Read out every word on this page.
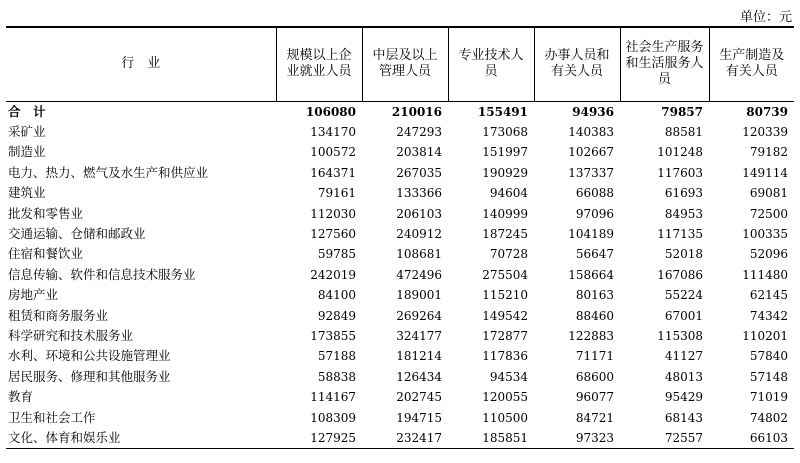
单位：元
行　业	规模以上企业就业人员	中层及以上管理人员	专业技术人员	办事人员和有关人员	社会生产服务和生活服务人员	生产制造及有关人员
合　计	106080	210016	155491	94936	79857	80739
采矿业	134170	247293	173068	140383	88581	120339
制造业	100572	203814	151997	102667	101248	79182
电力、热力、燃气及水生产和供应业	164371	267035	190929	137337	117603	149114
建筑业	79161	133366	94604	66088	61693	69081
批发和零售业	112030	206103	140999	97096	84953	72500
交通运输、仓储和邮政业	127560	240912	187245	104189	117135	100335
住宿和餐饮业	59785	108681	70728	56647	52018	52096
信息传输、软件和信息技术服务业	242019	472496	275504	158664	167086	111480
房地产业	84100	189001	115210	80163	55224	62145
租赁和商务服务业	92849	269264	149542	88460	67001	74342
科学研究和技术服务业	173855	324177	172877	122883	115308	110201
水利、环境和公共设施管理业	57188	181214	117836	71171	41127	57840
居民服务、修理和其他服务业	58838	126434	94534	68600	48013	57148
教育	114167	202745	120055	96077	95429	71019
卫生和社会工作	108309	194715	110500	84721	68143	74802
文化、体育和娱乐业	127925	232417	185851	97323	72557	66103
